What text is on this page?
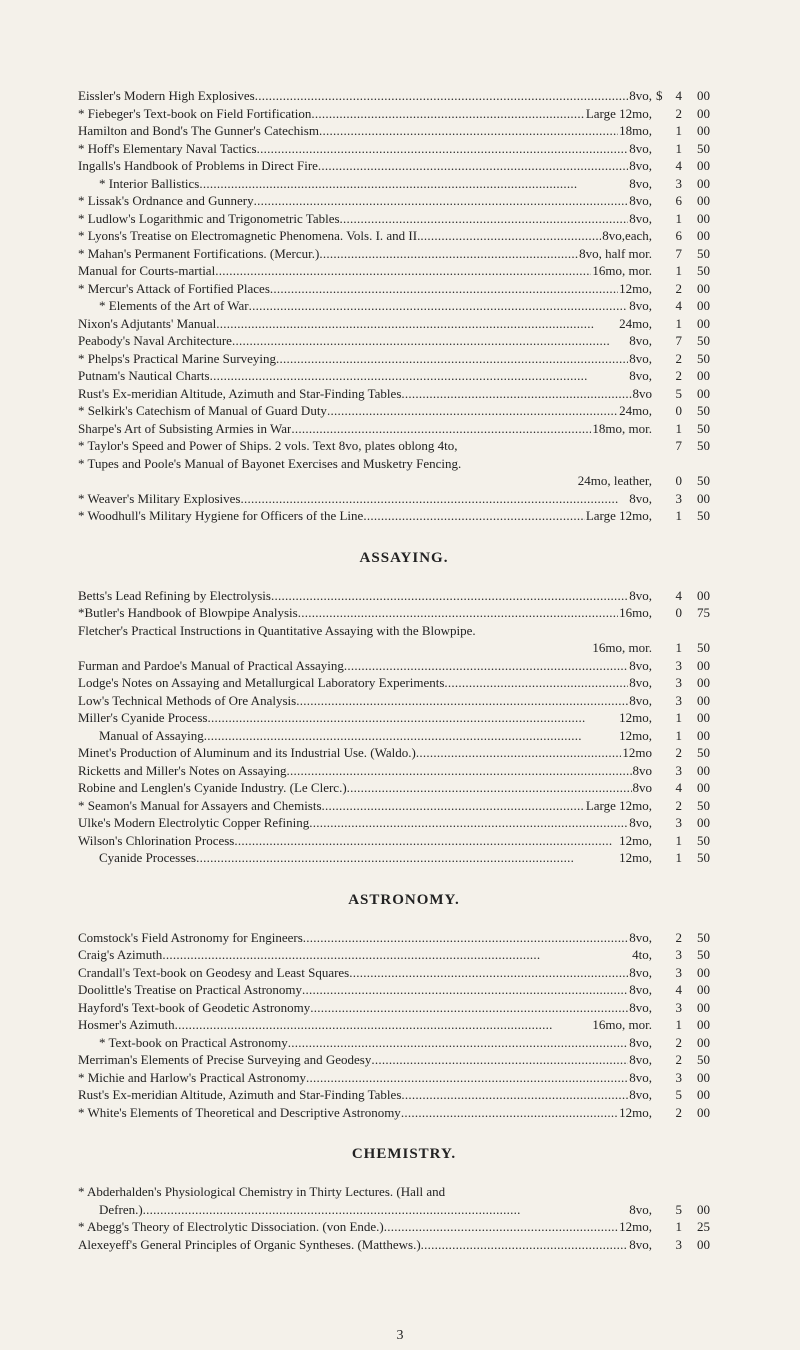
Eissler's Modern High Explosives . . .	8vo, $	4 00
* Fiebeger's Text-book on Field Fortification . . .	Large 12mo,	2 00
Hamilton and Bond's The Gunner's Catechism . . .	18mo,	1 00
* Hoff's Elementary Naval Tactics . . .	8vo,	1 50
Ingalls's Handbook of Problems in Direct Fire . . .	8vo,	4 00
* Interior Ballistics . . .	8vo,	3 00
* Lissak's Ordnance and Gunnery . . .	8vo,	6 00
* Ludlow's Logarithmic and Trigonometric Tables . . .	8vo,	1 00
* Lyons's Treatise on Electromagnetic Phenomena. Vols. I. and II. . . .	8vo,each,	6 00
* Mahan's Permanent Fortifications. (Mercur.) . . .	8vo, half mor.	7 50
Manual for Courts-martial . . .	16mo, mor.	1 50
* Mercur's Attack of Fortified Places . . .	12mo,	2 00
* Elements of the Art of War . . .	8vo,	4 00
Nixon's Adjutants' Manual . . .	24mo,	1 00
Peabody's Naval Architecture . . .	8vo,	7 50
* Phelps's Practical Marine Surveying . . .	8vo,	2 50
Putnam's Nautical Charts . . .	8vo,	2 00
Rust's Ex-meridian Altitude, Azimuth and Star-Finding Tables . . .	8vo	5 00
* Selkirk's Catechism of Manual of Guard Duty . . .	24mo,	0 50
Sharpe's Art of Subsisting Armies in War . . .	18mo, mor.	1 50
* Taylor's Speed and Power of Ships. 2 vols. Text 8vo, plates oblong 4to,	7 50
* Tupes and Poole's Manual of Bayonet Exercises and Musketry Fencing.
24mo, leather,	0 50
* Weaver's Military Explosives . . .	8vo,	3 00
* Woodhull's Military Hygiene for Officers of the Line . . .	Large 12mo,	1 50
ASSAYING.
Betts's Lead Refining by Electrolysis . . .	8vo,	4 00
*Butler's Handbook of Blowpipe Analysis . . .	16mo,	0 75
Fletcher's Practical Instructions in Quantitative Assaying with the Blowpipe.
16mo, mor.	1 50
Furman and Pardoe's Manual of Practical Assaying . . .	8vo,	3 00
Lodge's Notes on Assaying and Metallurgical Laboratory Experiments . . .	8vo,	3 00
Low's Technical Methods of Ore Analysis . . .	8vo,	3 00
Miller's Cyanide Process . . .	12mo,	1 00
Manual of Assaying . . .	12mo,	1 00
Minet's Production of Aluminum and its Industrial Use. (Waldo.) . . .	12mo	2 50
Ricketts and Miller's Notes on Assaying . . .	8vo	3 00
Robine and Lenglen's Cyanide Industry. (Le Clerc.) . . .	8vo	4 00
* Seamon's Manual for Assayers and Chemists . . .	Large 12mo,	2 50
Ulke's Modern Electrolytic Copper Refining . . .	8vo,	3 00
Wilson's Chlorination Process . . .	12mo,	1 50
Cyanide Processes . . .	12mo,	1 50
ASTRONOMY.
Comstock's Field Astronomy for Engineers . . .	8vo,	2 50
Craig's Azimuth . . .	4to,	3 50
Crandall's Text-book on Geodesy and Least Squares . . .	8vo,	3 00
Doolittle's Treatise on Practical Astronomy . . .	8vo,	4 00
Hayford's Text-book of Geodetic Astronomy . . .	8vo,	3 00
Hosmer's Azimuth . . .	16mo, mor.	1 00
* Text-book on Practical Astronomy . . .	8vo,	2 00
Merriman's Elements of Precise Surveying and Geodesy . . .	8vo,	2 50
* Michie and Harlow's Practical Astronomy . . .	8vo,	3 00
Rust's Ex-meridian Altitude, Azimuth and Star-Finding Tables . . .	8vo,	5 00
* White's Elements of Theoretical and Descriptive Astronomy . . .	12mo,	2 00
CHEMISTRY.
* Abderhalden's Physiological Chemistry in Thirty Lectures. (Hall and
Defren.) . . .	8vo,	5 00
* Abegg's Theory of Electrolytic Dissociation. (von Ende.) . . .	12mo,	1 25
Alexeyeff's General Principles of Organic Syntheses. (Matthews.) . . .	8vo,	3 00
3
